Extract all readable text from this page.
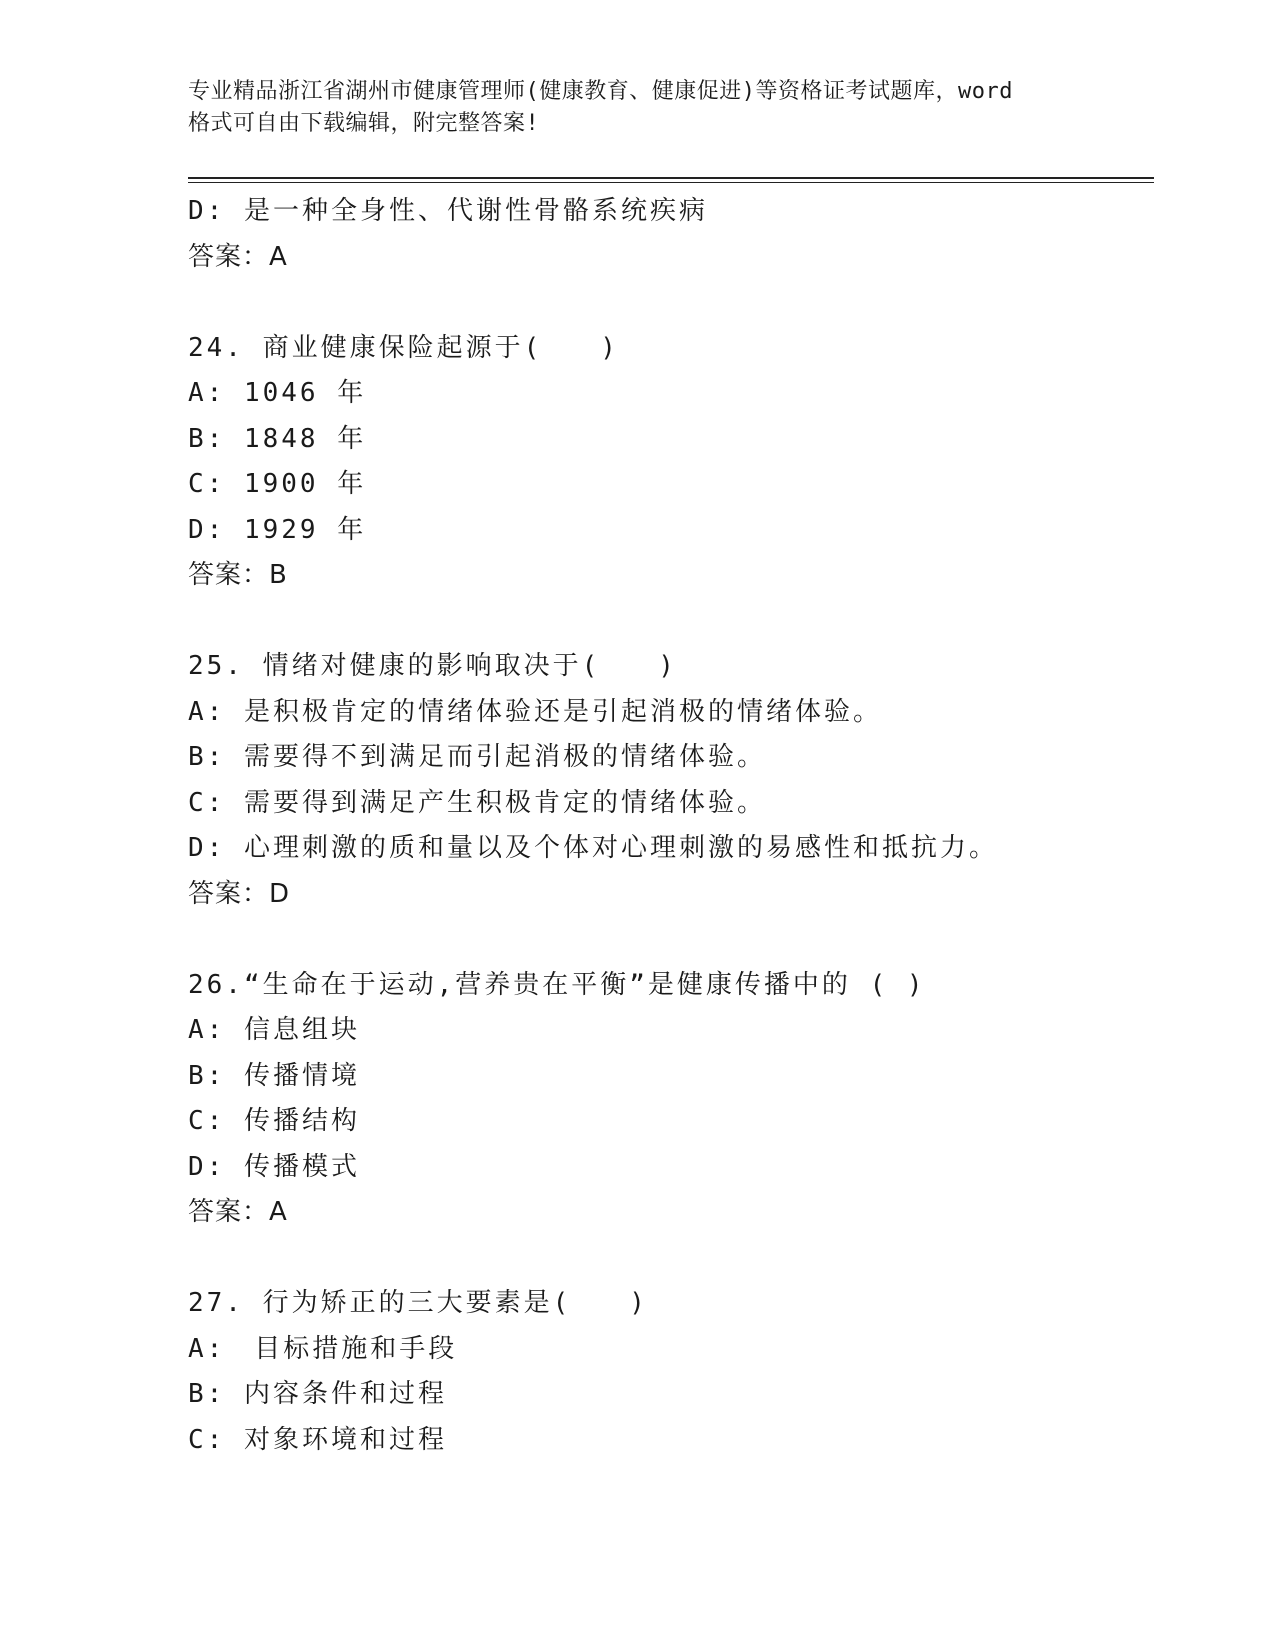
专业精品浙江省湖州市健康管理师(健康教育、健康促进)等资格证考试题库，word
格式可自由下载编辑，附完整答案!
D: 是一种全身性、代谢性骨骼系统疾病
答案：A
24. 商业健康保险起源于(　　)
A: 1046 年
B: 1848 年
C: 1900 年
D: 1929 年
答案：B
25. 情绪对健康的影响取决于(　　)
A: 是积极肯定的情绪体验还是引起消极的情绪体验。
B: 需要得不到满足而引起消极的情绪体验。
C: 需要得到满足产生积极肯定的情绪体验。
D: 心理刺激的质和量以及个体对心理刺激的易感性和抵抗力。
答案：D
26.“生命在于运动,营养贵在平衡”是健康传播中的 ( )
A: 信息组块
B: 传播情境
C: 传播结构
D: 传播模式
答案：A
27. 行为矫正的三大要素是(　　)
A:　目标措施和手段
B: 内容条件和过程
C: 对象环境和过程
